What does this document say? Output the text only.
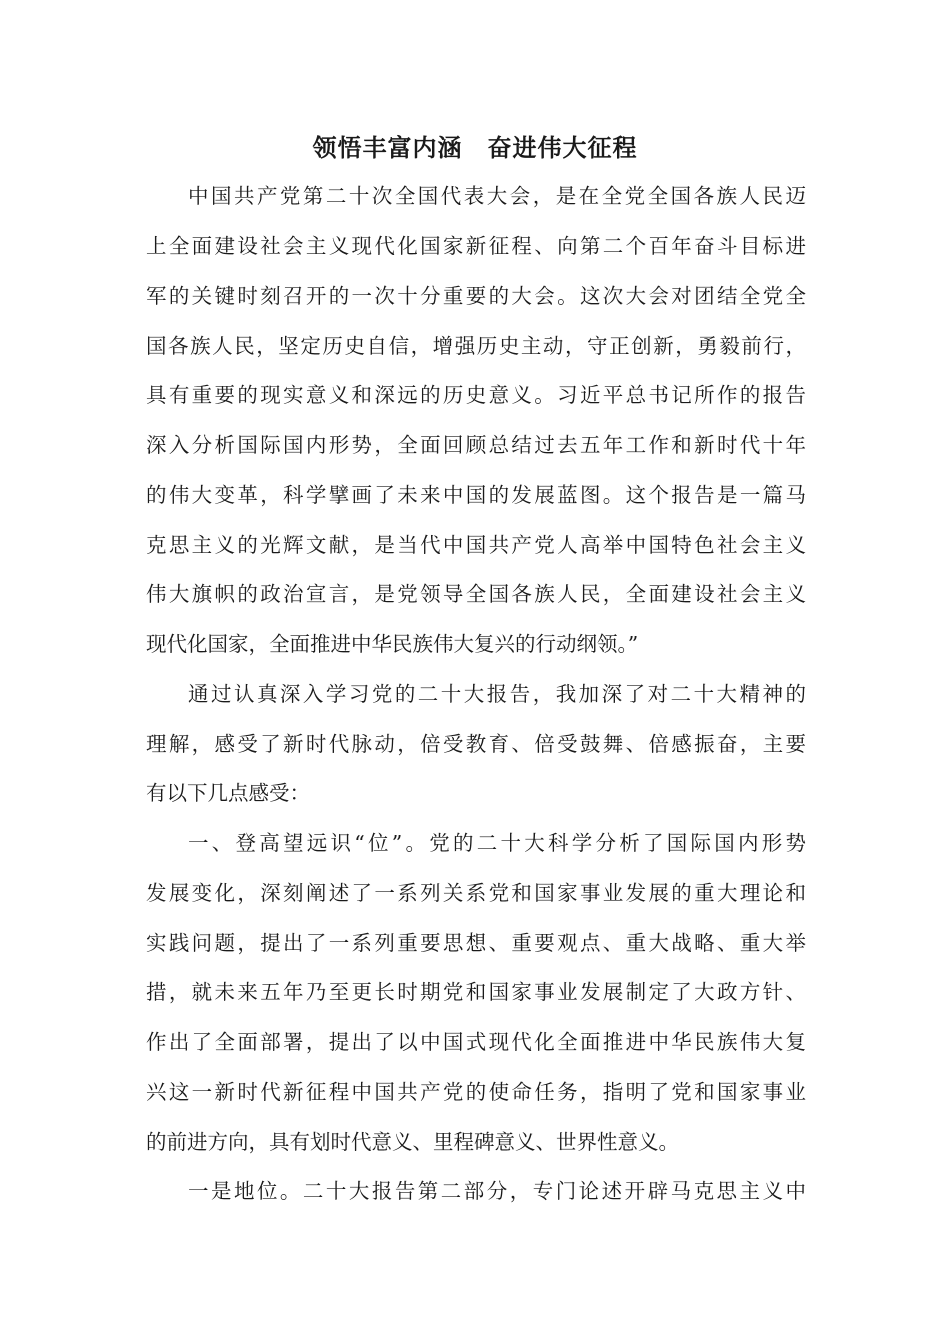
领悟丰富内涵　奋进伟大征程
中国共产党第二十次全国代表大会，是在全党全国各族人民迈
上全面建设社会主义现代化国家新征程、向第二个百年奋斗目标进
军的关键时刻召开的一次十分重要的大会。这次大会对团结全党全
国各族人民，坚定历史自信，增强历史主动，守正创新，勇毅前行，
具有重要的现实意义和深远的历史意义。习近平总书记所作的报告
深入分析国际国内形势，全面回顾总结过去五年工作和新时代十年
的伟大变革，科学擘画了未来中国的发展蓝图。这个报告是一篇马
克思主义的光辉文献，是当代中国共产党人高举中国特色社会主义
伟大旗帜的政治宣言，是党领导全国各族人民，全面建设社会主义
现代化国家，全面推进中华民族伟大复兴的行动纲领。”
通过认真深入学习党的二十大报告，我加深了对二十大精神的
理解，感受了新时代脉动，倍受教育、倍受鼓舞、倍感振奋，主要
有以下几点感受：
一、登高望远识“位”。党的二十大科学分析了国际国内形势
发展变化，深刻阐述了一系列关系党和国家事业发展的重大理论和
实践问题，提出了一系列重要思想、重要观点、重大战略、重大举
措，就未来五年乃至更长时期党和国家事业发展制定了大政方针、
作出了全面部署，提出了以中国式现代化全面推进中华民族伟大复
兴这一新时代新征程中国共产党的使命任务，指明了党和国家事业
的前进方向，具有划时代意义、里程碑意义、世界性意义。
一是地位。二十大报告第二部分，专门论述开辟马克思主义中
